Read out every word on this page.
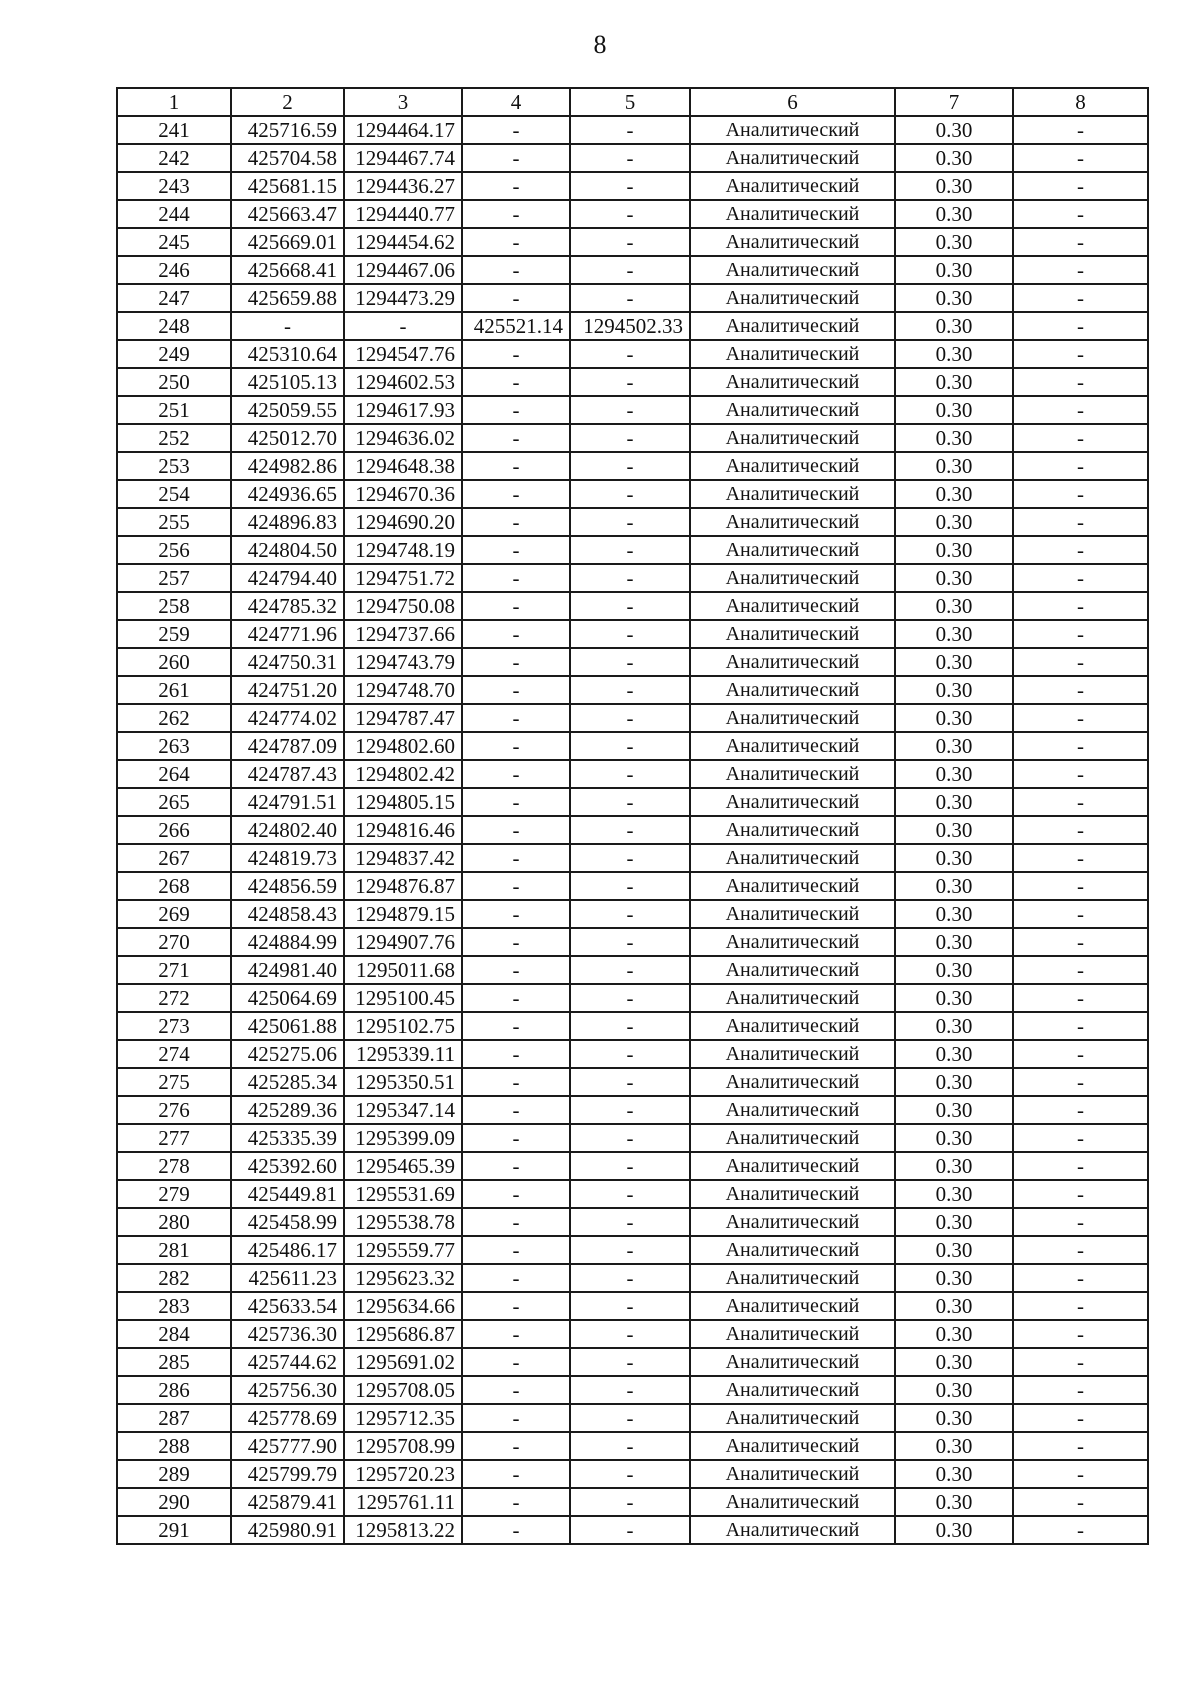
8
1	2	3	4	5	6	7	8
241	425716.59	1294464.17	-	-	Аналитический	0.30	-
242	425704.58	1294467.74	-	-	Аналитический	0.30	-
243	425681.15	1294436.27	-	-	Аналитический	0.30	-
244	425663.47	1294440.77	-	-	Аналитический	0.30	-
245	425669.01	1294454.62	-	-	Аналитический	0.30	-
246	425668.41	1294467.06	-	-	Аналитический	0.30	-
247	425659.88	1294473.29	-	-	Аналитический	0.30	-
248	-	-	425521.14	1294502.33	Аналитический	0.30	-
249	425310.64	1294547.76	-	-	Аналитический	0.30	-
250	425105.13	1294602.53	-	-	Аналитический	0.30	-
251	425059.55	1294617.93	-	-	Аналитический	0.30	-
252	425012.70	1294636.02	-	-	Аналитический	0.30	-
253	424982.86	1294648.38	-	-	Аналитический	0.30	-
254	424936.65	1294670.36	-	-	Аналитический	0.30	-
255	424896.83	1294690.20	-	-	Аналитический	0.30	-
256	424804.50	1294748.19	-	-	Аналитический	0.30	-
257	424794.40	1294751.72	-	-	Аналитический	0.30	-
258	424785.32	1294750.08	-	-	Аналитический	0.30	-
259	424771.96	1294737.66	-	-	Аналитический	0.30	-
260	424750.31	1294743.79	-	-	Аналитический	0.30	-
261	424751.20	1294748.70	-	-	Аналитический	0.30	-
262	424774.02	1294787.47	-	-	Аналитический	0.30	-
263	424787.09	1294802.60	-	-	Аналитический	0.30	-
264	424787.43	1294802.42	-	-	Аналитический	0.30	-
265	424791.51	1294805.15	-	-	Аналитический	0.30	-
266	424802.40	1294816.46	-	-	Аналитический	0.30	-
267	424819.73	1294837.42	-	-	Аналитический	0.30	-
268	424856.59	1294876.87	-	-	Аналитический	0.30	-
269	424858.43	1294879.15	-	-	Аналитический	0.30	-
270	424884.99	1294907.76	-	-	Аналитический	0.30	-
271	424981.40	1295011.68	-	-	Аналитический	0.30	-
272	425064.69	1295100.45	-	-	Аналитический	0.30	-
273	425061.88	1295102.75	-	-	Аналитический	0.30	-
274	425275.06	1295339.11	-	-	Аналитический	0.30	-
275	425285.34	1295350.51	-	-	Аналитический	0.30	-
276	425289.36	1295347.14	-	-	Аналитический	0.30	-
277	425335.39	1295399.09	-	-	Аналитический	0.30	-
278	425392.60	1295465.39	-	-	Аналитический	0.30	-
279	425449.81	1295531.69	-	-	Аналитический	0.30	-
280	425458.99	1295538.78	-	-	Аналитический	0.30	-
281	425486.17	1295559.77	-	-	Аналитический	0.30	-
282	425611.23	1295623.32	-	-	Аналитический	0.30	-
283	425633.54	1295634.66	-	-	Аналитический	0.30	-
284	425736.30	1295686.87	-	-	Аналитический	0.30	-
285	425744.62	1295691.02	-	-	Аналитический	0.30	-
286	425756.30	1295708.05	-	-	Аналитический	0.30	-
287	425778.69	1295712.35	-	-	Аналитический	0.30	-
288	425777.90	1295708.99	-	-	Аналитический	0.30	-
289	425799.79	1295720.23	-	-	Аналитический	0.30	-
290	425879.41	1295761.11	-	-	Аналитический	0.30	-
291	425980.91	1295813.22	-	-	Аналитический	0.30	-
